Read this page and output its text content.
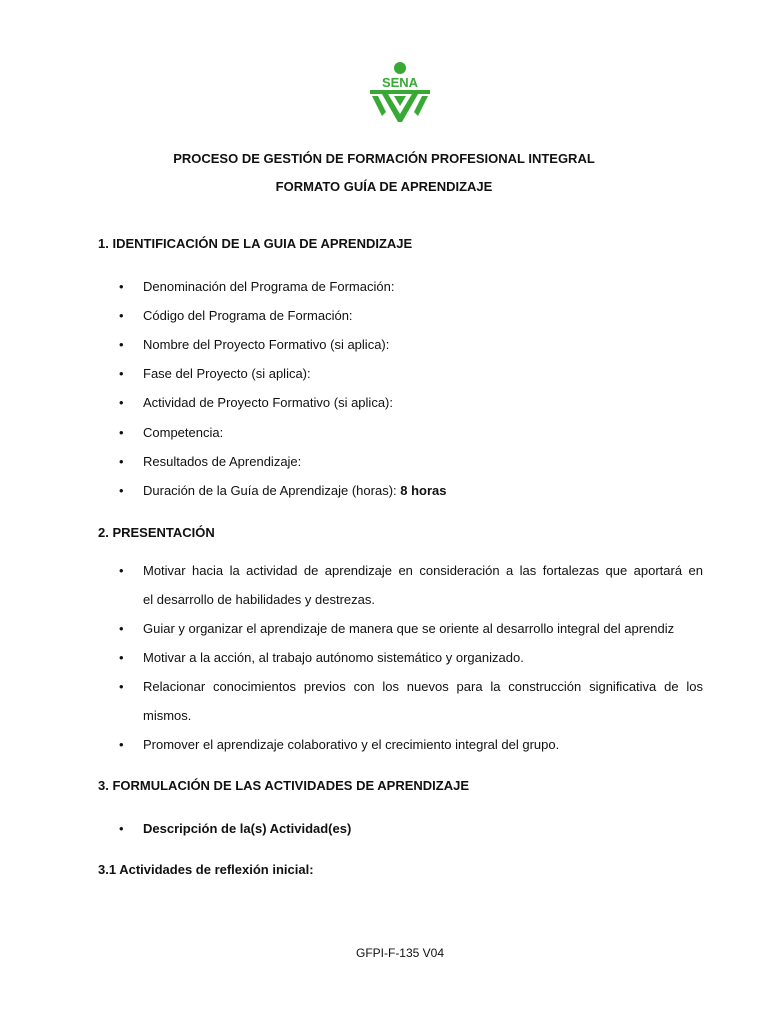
SENA
PROCESO DE GESTIÓN DE FORMACIÓN PROFESIONAL INTEGRAL
FORMATO GUÍA DE APRENDIZAJE
1. IDENTIFICACIÓN DE LA GUIA DE APRENDIZAJE
•	Denominación del Programa de Formación:
•	Código del Programa de Formación:
•	Nombre del Proyecto Formativo (si aplica):
•	Fase del Proyecto (si aplica):
•	Actividad de Proyecto Formativo (si aplica):
•	Competencia:
•	Resultados de Aprendizaje:
•	Duración de la Guía de Aprendizaje (horas): 8 horas
2. PRESENTACIÓN
•	Motivar hacia la actividad de aprendizaje en consideración a las fortalezas que aportará en
el desarrollo de habilidades y destrezas.
•	Guiar y organizar el aprendizaje de manera que se oriente al desarrollo integral del aprendiz
•	Motivar a la acción, al trabajo autónomo sistemático y organizado.
•	Relacionar conocimientos previos con los nuevos para la construcción significativa de los
mismos.
•	Promover el aprendizaje colaborativo y el crecimiento integral del grupo.
3. FORMULACIÓN DE LAS ACTIVIDADES DE APRENDIZAJE
•	Descripción de la(s) Actividad(es)
3.1 Actividades de reflexión inicial:
GFPI-F-135 V04
